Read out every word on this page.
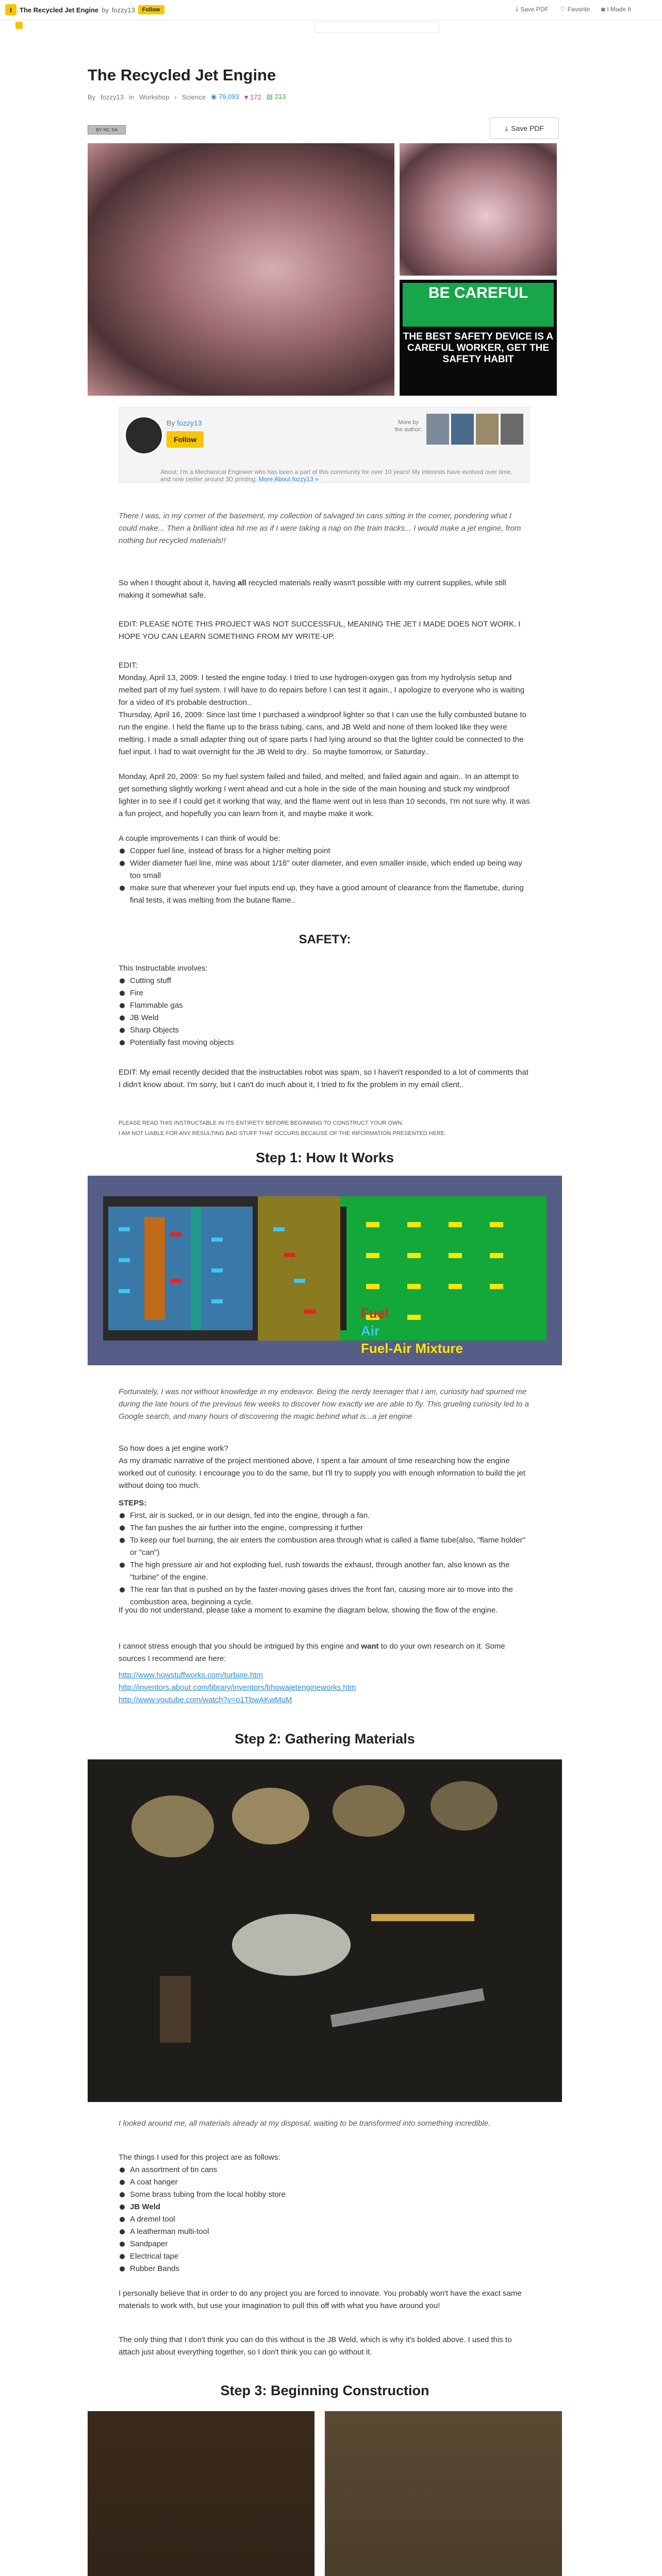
I	The Recycled Jet Engine by fozzy13	Follow	⤓ Save PDF ♡ Favorite ◙ I Made It
The Recycled Jet Engine
By fozzy13 in Workshop › Science ◉ 79,093 ♥ 172 ▤ 213
BY NC SA	⤓ Save PDF
BE CAREFUL
THE BEST SAFETY DEVICE IS A CAREFUL WORKER, GET THE SAFETY HABIT
By fozzy13
Follow
More by the author:
About: I'm a Mechanical Engineer who has been a part of this community for over 10 years! My interests have evolved over time, and now center around 3D printing. More About fozzy13 »

There I was, in my corner of the basement, my collection of salvaged tin cans sitting in the corner, pondering what I could make... Then a brilliant idea hit me as if I were taking a nap on the train tracks... I would make a jet engine, from nothing but recycled materials!!

So when I thought about it, having all recycled materials really wasn't possible with my current supplies, while still making it somewhat safe.

EDIT: PLEASE NOTE THIS PROJECT WAS NOT SUCCESSFUL, MEANING THE JET I MADE DOES NOT WORK. I HOPE YOU CAN LEARN SOMETHING FROM MY WRITE-UP.

EDIT:

Monday, April 13, 2009: I tested the engine today. I tried to use hydrogen-oxygen gas from my hydrolysis setup and melted part of my fuel system. I will have to do repairs before I can test it again., I apologize to everyone who is waiting for a video of it's probable destruction..

Thursday, April 16, 2009: Since last time I purchased a windproof lighter so that I can use the fully combusted butane to run the engine. I held the flame up to the brass tubing, cans, and JB Weld and none of them looked like they were melting. I made a small adapter thing out of spare parts I had lying around so that the lighter could be connected to the fuel input. I had to wait overnight for the JB Weld to dry.. So maybe tomorrow, or Saturday..

Monday, April 20, 2009: So my fuel system failed and failed, and melted, and failed again and again.. In an attempt to get something slightly working I went ahead and cut a hole in the side of the main housing and stuck my windproof lighter in to see if I could get it working that way, and the flame went out in less than 10 seconds, I'm not sure why. It was a fun project, and hopefully you can learn from it, and maybe make it work.

A couple improvements I can think of would be:

Copper fuel line, instead of brass for a higher melting point
Wider diameter fuel line, mine was about 1/16" outer diameter, and even smaller inside, which ended up being way too small
make sure that wherever your fuel inputs end up, they have a good amount of clearance from the flametube, during final tests, it was melting from the butane flame..
SAFETY:

This Instructable involves:

Cutting stuff
Fire
Flammable gas
JB Weld
Sharp Objects
Potentially fast moving objects

EDIT: My email recently decided that the instructables robot was spam, so I haven't responded to a lot of comments that I didn't know about. I'm sorry, but I can't do much about it, I tried to fix the problem in my email client..

PLEASE READ THIS INSTRUCTABLE IN ITS ENTIRETY BEFORE BEGINNING TO CONSTRUCT YOUR OWN.

I AM NOT LIABLE FOR ANY RESULTING BAD STUFF THAT OCCURS BECAUSE OF THE INFORMATION PRESENTED HERE.

Step 1: How It Works
Fuel
Air
Fuel-Air Mixture

Fortunately, I was not without knowledge in my endeavor. Being the nerdy teenager that I am, curiosity had spurned me during the late hours of the previous few weeks to discover how exactly we are able to fly. This grueling curiosity led to a Google search, and many hours of discovering the magic behind what is...a jet engine

So how does a jet engine work?

As my dramatic narrative of the project mentioned above, I spent a fair amount of time researching how the engine worked out of curiosity. I encourage you to do the same, but I'll try to supply you with enough information to build the jet without doing too much.

STEPS:

First, air is sucked, or in our design, fed into the engine, through a fan.
The fan pushes the air further into the engine, compressing it further
To keep our fuel burning, the air enters the combustion area through what is called a flame tube(also, "flame holder" or "can")
The high pressure air and hot exploding fuel, rush towards the exhaust, through another fan, also known as the "turbine" of the engine.
The rear fan that is pushed on by the faster-moving gases drives the front fan, causing more air to move into the combustion area, beginning a cycle.

If you do not understand, please take a moment to examine the diagram below, showing the flow of the engine.

I cannot stress enough that you should be intrigued by this engine and want to do your own research on it. Some sources I recommend are here:

http://www.howstuffworks.com/turbine.htm
http://inventors.about.com/library/inventors/bhowajetengineworks.htm
http://www.youtube.com/watch?v=o1TbwAKwMuM

Step 2: Gathering Materials

I looked around me, all materials already at my disposal, waiting to be transformed into something incredible.

The things I used for this project are as follows:

An assortment of tin cans
A coat hanger
Some brass tubing from the local hobby store
JB Weld
A dremel tool
A leatherman multi-tool
Sandpaper
Electrical tape
Rubber Bands

I personally believe that in order to do any project you are forced to innovate. You probably won't have the exact same materials to work with, but use your imagination to pull this off with what you have around you!

The only thing that I don't think you can do this without is the JB Weld, which is why it's bolded above. I used this to attach just about everything together, so I don't think you can go without it.

Step 3: Beginning Construction
